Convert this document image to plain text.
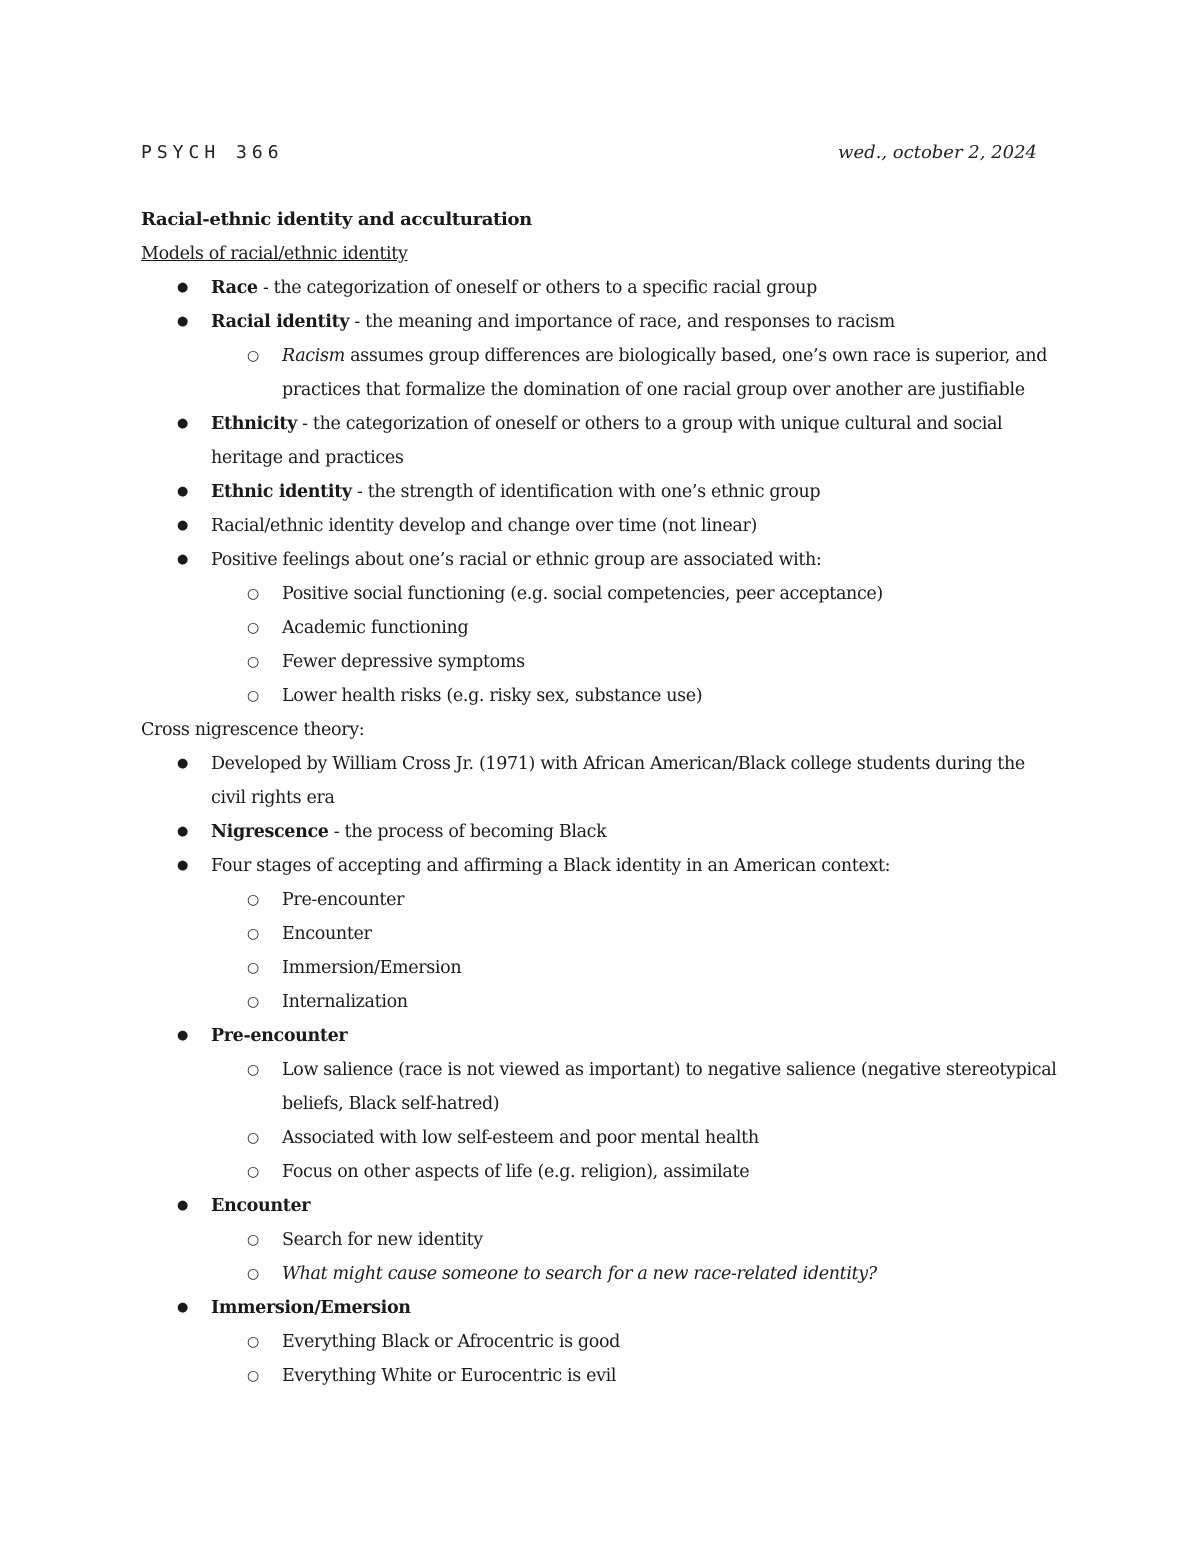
PSYCH 366	wed., october 2, 2024
Racial-ethnic identity and acculturation
Models of racial/ethnic identity
● Race - the categorization of oneself or others to a specific racial group
● Racial identity - the meaning and importance of race, and responses to racism
○ Racism assumes group differences are biologically based, one’s own race is superior, and
practices that formalize the domination of one racial group over another are justifiable
● Ethnicity - the categorization of oneself or others to a group with unique cultural and social
heritage and practices
● Ethnic identity - the strength of identification with one’s ethnic group
● Racial/ethnic identity develop and change over time (not linear)
● Positive feelings about one’s racial or ethnic group are associated with:
○ Positive social functioning (e.g. social competencies, peer acceptance)
○ Academic functioning
○ Fewer depressive symptoms
○ Lower health risks (e.g. risky sex, substance use)
Cross nigrescence theory:
● Developed by William Cross Jr. (1971) with African American/Black college students during the
civil rights era
● Nigrescence - the process of becoming Black
● Four stages of accepting and affirming a Black identity in an American context:
○ Pre-encounter
○ Encounter
○ Immersion/Emersion
○ Internalization
● Pre-encounter
○ Low salience (race is not viewed as important) to negative salience (negative stereotypical
beliefs, Black self-hatred)
○ Associated with low self-esteem and poor mental health
○ Focus on other aspects of life (e.g. religion), assimilate
● Encounter
○ Search for new identity
○ What might cause someone to search for a new race-related identity?
● Immersion/Emersion
○ Everything Black or Afrocentric is good
○ Everything White or Eurocentric is evil
